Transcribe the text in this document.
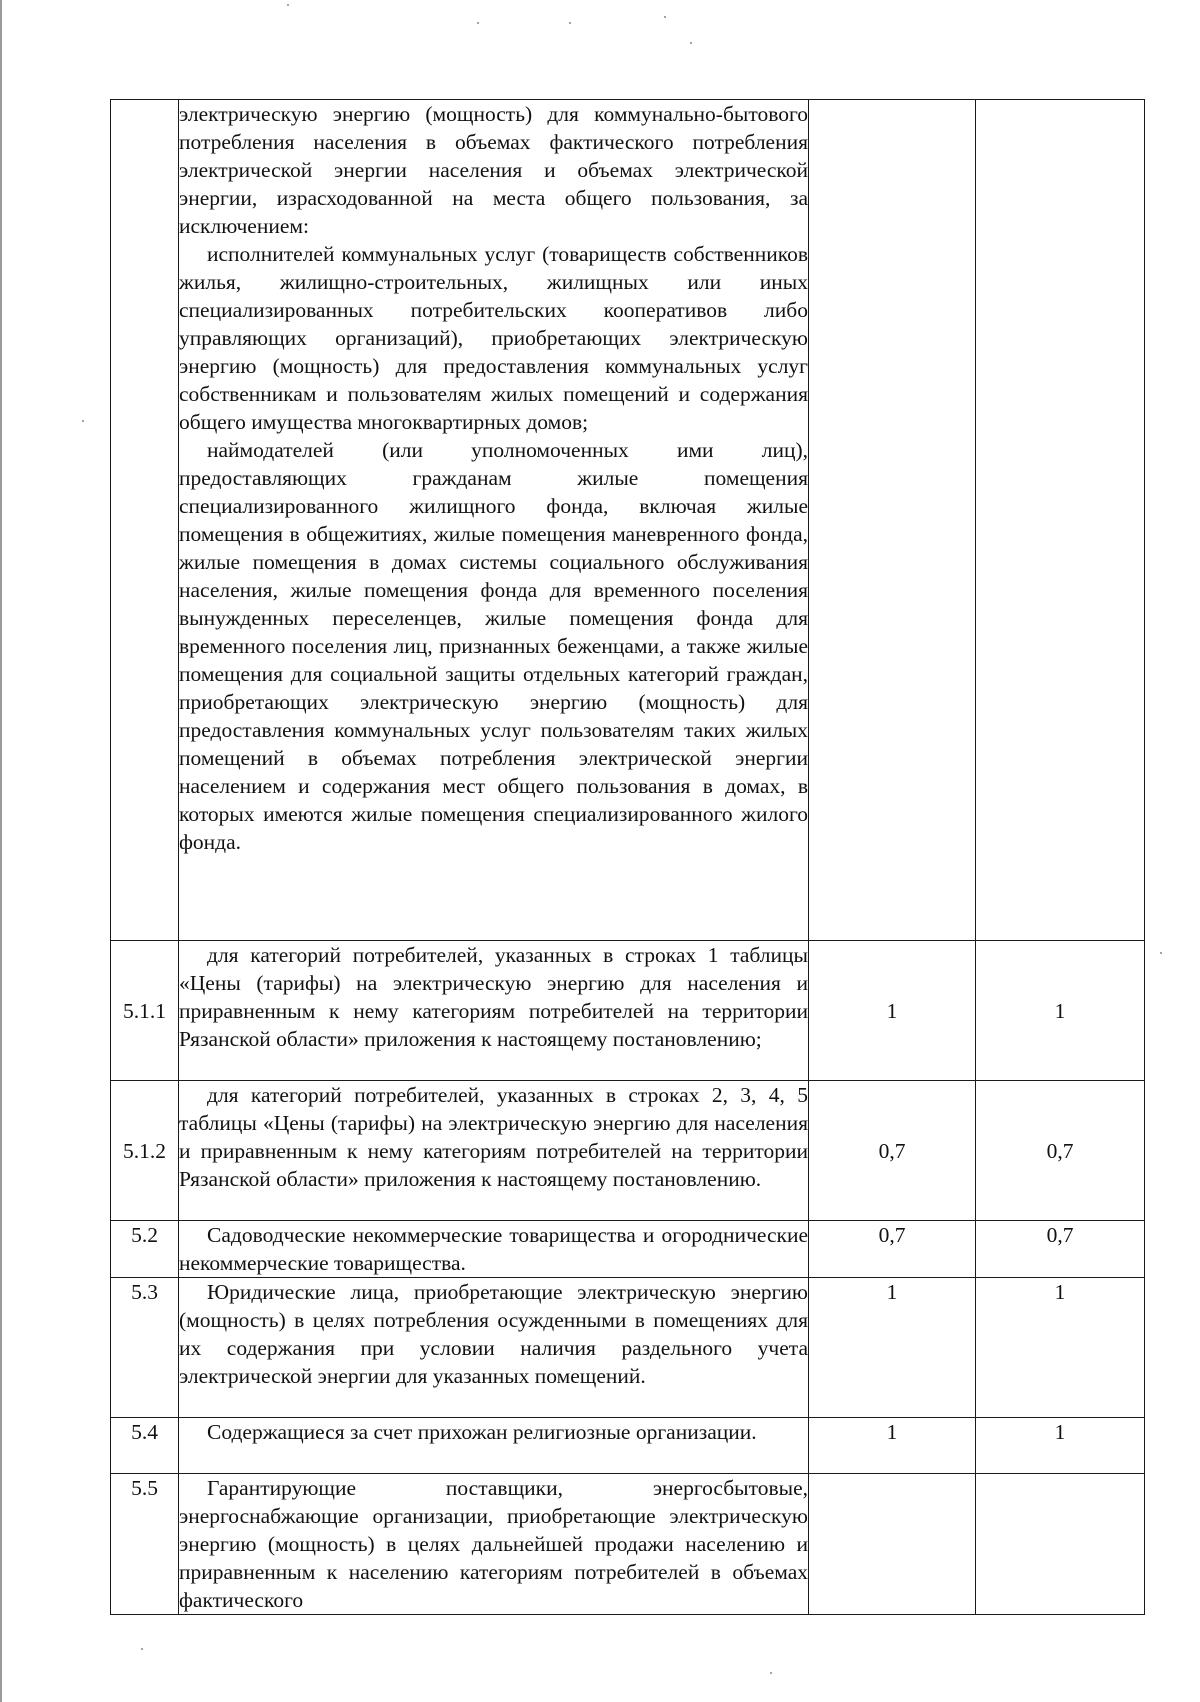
	электрическую энергию (мощность) для коммунально-бытового потребления населения в объемах фактического потребления электрической энергии населения и объемах электрической энергии, израсходованной на места общего пользования, за исключением:

исполнителей коммунальных услуг (товариществ собственников жилья, жилищно-строительных, жилищных или иных специализированных потребительских кооперативов либо управляющих организаций), приобретающих электрическую энергию (мощность) для предоставления коммунальных услуг собственникам и пользователям жилых помещений и содержания общего имущества многоквартирных домов;

наймодателей (или уполномоченных ими лиц), предоставляющих гражданам жилые помещения специализированного жилищного фонда, включая жилые помещения в общежитиях, жилые помещения маневренного фонда, жилые помещения в домах системы социального обслуживания населения, жилые помещения фонда для временного поселения вынужденных переселенцев, жилые помещения фонда для временного поселения лиц, признанных беженцами, а также жилые помещения для социальной защиты отдельных категорий граждан, приобретающих электрическую энергию (мощность) для предоставления коммунальных услуг пользователям таких жилых помещений в объемах потребления электрической энергии населением и содержания мест общего пользования в домах, в которых имеются жилые помещения специализированного жилого фонда.		

5.1.1	для категорий потребителей, указанных в строках 1 таблицы «Цены (тарифы) на электрическую энергию для населения и приравненным к нему категориям потребителей на территории Рязанской области» приложения к настоящему постановлению;	1	1
5.1.2	для категорий потребителей, указанных в строках 2, 3, 4, 5 таблицы «Цены (тарифы) на электрическую энергию для населения и приравненным к нему категориям потребителей на территории Рязанской области» приложения к настоящему постановлению.	0,7	0,7
5.2	Садоводческие некоммерческие товарищества и огороднические некоммерческие товарищества.	0,7	0,7
5.3	Юридические лица, приобретающие электрическую энергию (мощность) в целях потребления осужденными в помещениях для их содержания при условии наличия раздельного учета электрической энергии для указанных помещений.	1	1
5.4	Содержащиеся за счет прихожан религиозные организации.	1	1
5.5	Гарантирующие поставщики, энергосбытовые, энергоснабжающие организации, приобретающие электрическую энергию (мощность) в целях дальнейшей продажи населению и приравненным к населению категориям потребителей в объемах фактического		
